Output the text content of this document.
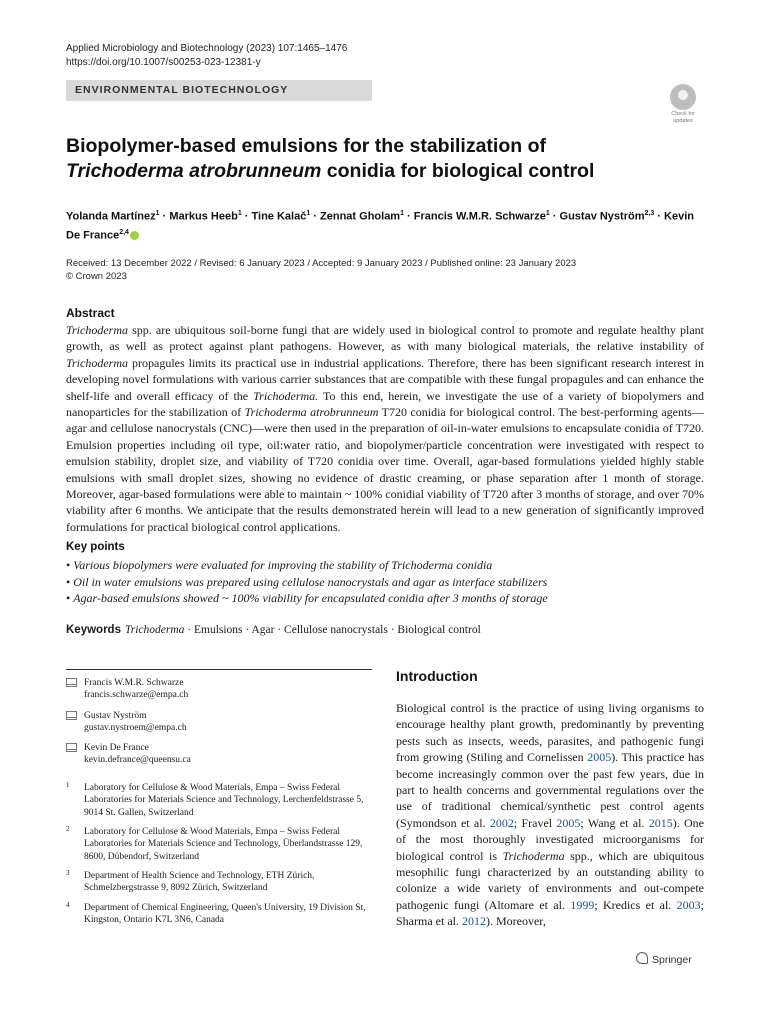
Applied Microbiology and Biotechnology (2023) 107:1465–1476
https://doi.org/10.1007/s00253-023-12381-y
ENVIRONMENTAL BIOTECHNOLOGY
Check for
updates
Biopolymer-based emulsions for the stabilization of Trichoderma atrobrunneum conidia for biological control
Yolanda Martínez$^1$ · Markus Heeb$^1$ · Tine Kalač$^1$ · Zennat Gholam$^1$ · Francis W.M.R. Schwarze$^1$ · Gustav Nyström$^{2,3}$ · Kevin De France$^{2,4}$
Received: 13 December 2022 / Revised: 6 January 2023 / Accepted: 9 January 2023 / Published online: 23 January 2023
© Crown 2023
Abstract
Trichoderma spp. are ubiquitous soil-borne fungi that are widely used in biological control to promote and regulate healthy plant growth, as well as protect against plant pathogens. However, as with many biological materials, the relative instability of Trichoderma propagules limits its practical use in industrial applications. Therefore, there has been significant research interest in developing novel formulations with various carrier substances that are compatible with these fungal propagules and can enhance the shelf-life and overall efficacy of the Trichoderma. To this end, herein, we investigate the use of a variety of biopolymers and nanoparticles for the stabilization of Trichoderma atrobrunneum T720 conidia for biological control. The best-performing agents—agar and cellulose nanocrystals (CNC)—were then used in the preparation of oil-in-water emulsions to encapsulate conidia of T720. Emulsion properties including oil type, oil:water ratio, and biopolymer/particle concentration were investigated with respect to emulsion stability, droplet size, and viability of T720 conidia over time. Overall, agar-based formulations yielded highly stable emulsions with small droplet sizes, showing no evidence of drastic creaming, or phase separation after 1 month of storage. Moreover, agar-based formulations were able to maintain ~ 100% conidial viability of T720 after 3 months of storage, and over 70% viability after 6 months. We anticipate that the results demonstrated herein will lead to a new generation of significantly improved formulations for practical biological control applications.
Key points
• Various biopolymers were evaluated for improving the stability of Trichoderma conidia
• Oil in water emulsions was prepared using cellulose nanocrystals and agar as interface stabilizers
• Agar-based emulsions showed ~ 100% viability for encapsulated conidia after 3 months of storage
Keywords Trichoderma · Emulsions · Agar · Cellulose nanocrystals · Biological control
Francis W.M.R. Schwarze
francis.schwarze@empa.ch
Gustav Nyström
gustav.nystroem@empa.ch
Kevin De France
kevin.defrance@queensu.ca
1 Laboratory for Cellulose & Wood Materials, Empa – Swiss Federal Laboratories for Materials Science and Technology, Lerchenfeldstrasse 5, 9014 St. Gallen, Switzerland
2 Laboratory for Cellulose & Wood Materials, Empa – Swiss Federal Laboratories for Materials Science and Technology, Überlandstrasse 129, 8600, Dübendorf, Switzerland
3 Department of Health Science and Technology, ETH Zürich, Schmelzbergstrasse 9, 8092 Zürich, Switzerland
4 Department of Chemical Engineering, Queen's University, 19 Division St, Kingston, Ontario K7L 3N6, Canada
Introduction
Biological control is the practice of using living organisms to encourage healthy plant growth, predominantly by preventing pests such as insects, weeds, parasites, and pathogenic fungi from growing (Stiling and Cornelissen 2005). This practice has become increasingly common over the past few years, due in part to health concerns and governmental regulations over the use of traditional chemical/synthetic pest control agents (Symondson et al. 2002; Fravel 2005; Wang et al. 2015). One of the most thoroughly investigated microorganisms for biological control is Trichoderma spp., which are ubiquitous mesophilic fungi characterized by an outstanding ability to colonize a wide variety of environments and out-compete pathogenic fungi (Altomare et al. 1999; Kredics et al. 2003; Sharma et al. 2012). Moreover,
Springer
